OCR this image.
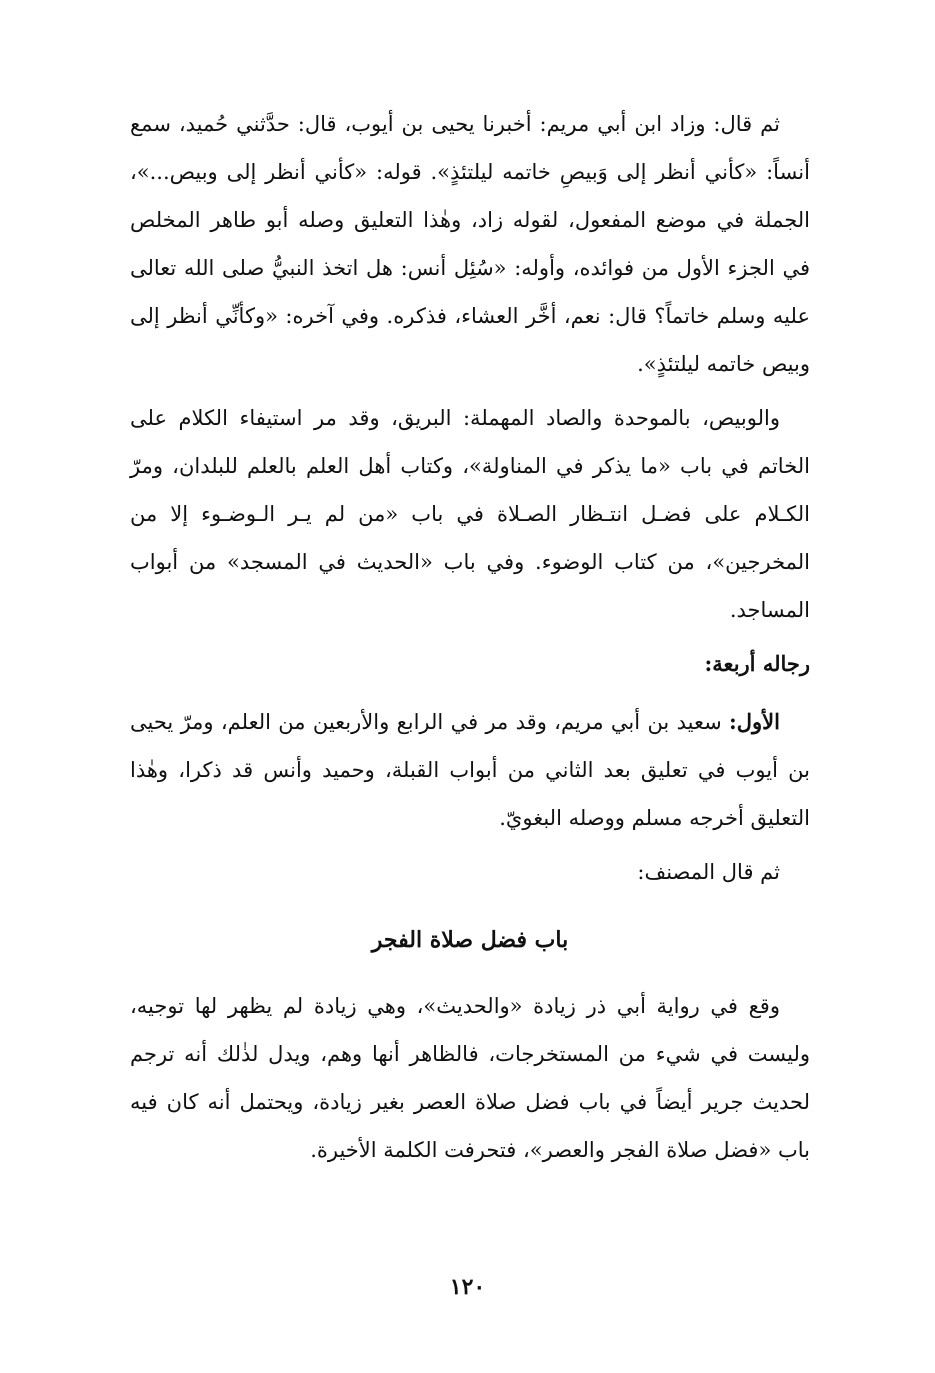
ثم قال: وزاد ابن أبي مريم: أخبرنا يحيى بن أيوب، قال: حدَّثني حُميد، سمع أنساً: «كأني أنظر إلى وَبيصِ خاتمه ليلتئذٍ». قوله: «كأني أنظر إلى وبيص...»، الجملة في موضع المفعول، لقوله زاد، وهٰذا التعليق وصله أبو طاهر المخلص في الجزء الأول من فوائده، وأوله: «سُئِل أنس: هل اتخذ النبيُّ صلى الله تعالى عليه وسلم خاتماً؟ قال: نعم، أخَّر العشاء، فذكره. وفي آخره: «وكأنِّي أنظر إلى وبيص خاتمه ليلتئذٍ».

والوبيص، بالموحدة والصاد المهملة: البريق، وقد مر استيفاء الكلام على الخاتم في باب «ما يذكر في المناولة»، وكتاب أهل العلم بالعلم للبلدان، ومرّ الكـلام على فضـل انتـظار الصـلاة في باب «من لم يـر الـوضـوء إلا من المخرجين»، من كتاب الوضوء. وفي باب «الحديث في المسجد» من أبواب المساجد.

رجاله أربعة:

الأول: سعيد بن أبي مريم، وقد مر في الرابع والأربعين من العلم، ومرّ يحيى بن أيوب في تعليق بعد الثاني من أبواب القبلة، وحميد وأنس قد ذكرا، وهٰذا التعليق أخرجه مسلم ووصله البغويّ.

ثم قال المصنف:

باب فضل صلاة الفجر

وقع في رواية أبي ذر زيادة «والحديث»، وهي زيادة لم يظهر لها توجيه، وليست في شيء من المستخرجات، فالظاهر أنها وهم، ويدل لذٰلك أنه ترجم لحديث جرير أيضاً في باب فضل صلاة العصر بغير زيادة، ويحتمل أنه كان فيه باب «فضل صلاة الفجر والعصر»، فتحرفت الكلمة الأخيرة.

١٢٠
